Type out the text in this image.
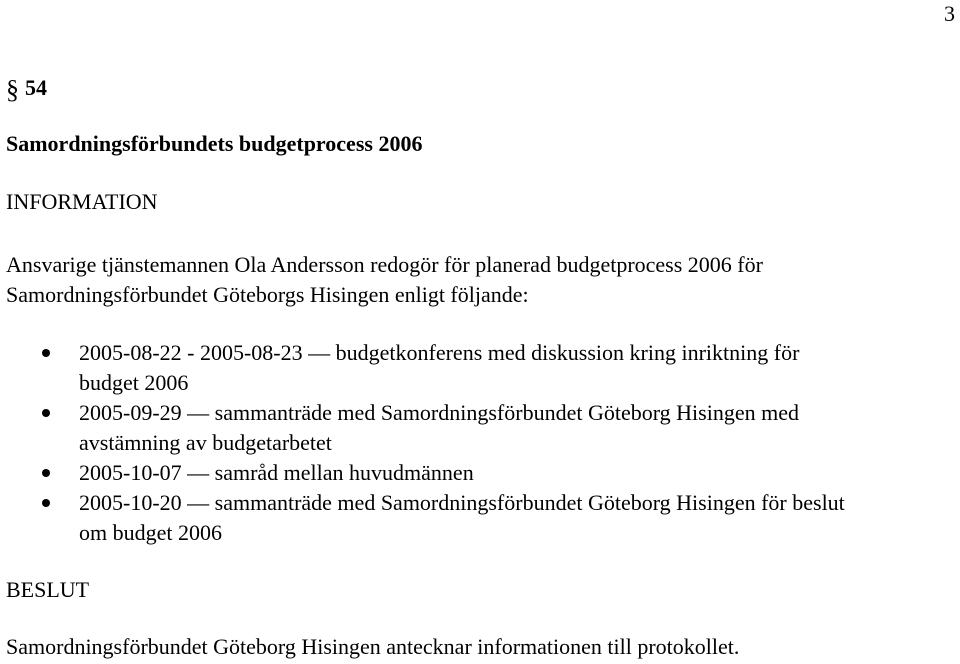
3
§ 54
Samordningsförbundets budgetprocess 2006
INFORMATION
Ansvarige tjänstemannen Ola Andersson redogör för planerad budgetprocess 2006 för
Samordningsförbundet Göteborgs Hisingen enligt följande:
2005-08-22 - 2005-08-23 — budgetkonferens med diskussion kring inriktning för
budget 2006
2005-09-29 — sammanträde med Samordningsförbundet Göteborg Hisingen med
avstämning av budgetarbetet
2005-10-07 — samråd mellan huvudmännen
2005-10-20 — sammanträde med Samordningsförbundet Göteborg Hisingen för beslut
om budget 2006
BESLUT
Samordningsförbundet Göteborg Hisingen antecknar informationen till protokollet.
